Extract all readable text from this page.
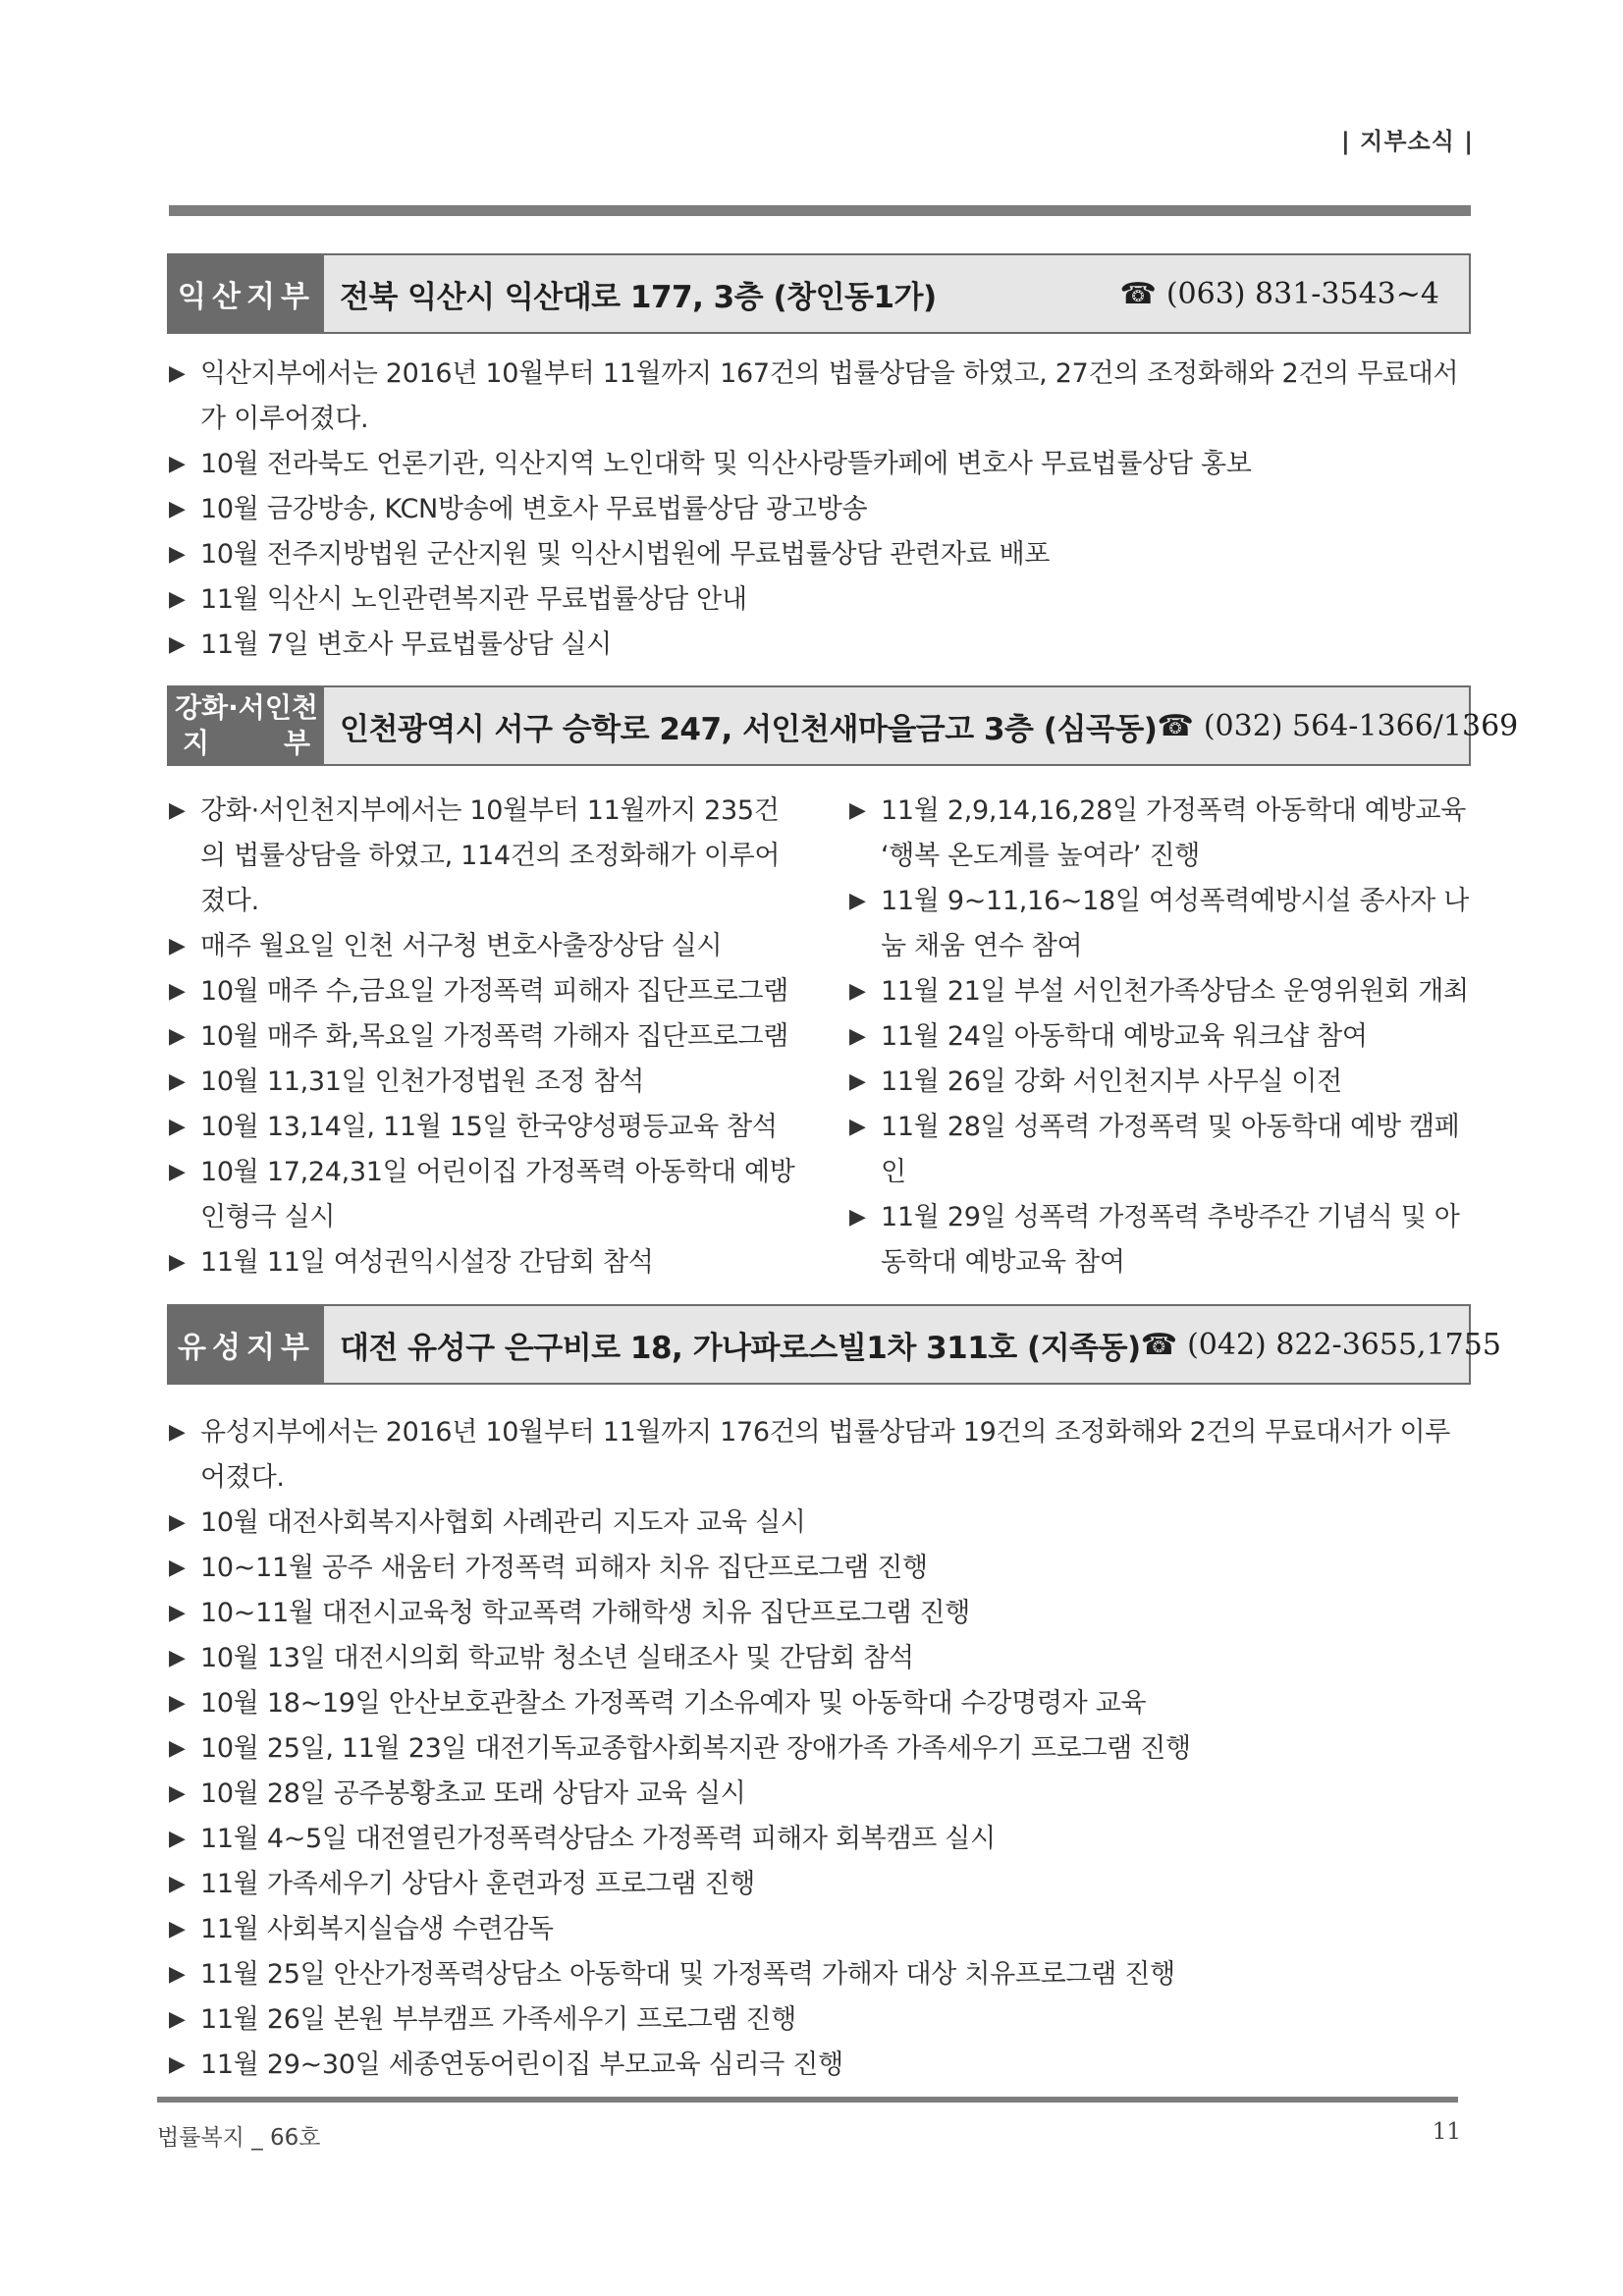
| 지부소식 |
익산지부 전북 익산시 익산대로 177, 3층 (창인동1가)	☎ (063) 831-3543~4
▶ 익산지부에서는 2016년 10월부터 11월까지 167건의 법률상담을 하였고, 27건의 조정화해와 2건의 무료대서가 이루어졌다.
▶ 10월 전라북도 언론기관, 익산지역 노인대학 및 익산사랑뜰카페에 변호사 무료법률상담 홍보
▶ 10월 금강방송, KCN방송에 변호사 무료법률상담 광고방송
▶ 10월 전주지방법원 군산지원 및 익산시법원에 무료법률상담 관련자료 배포
▶ 11월 익산시 노인관련복지관 무료법률상담 안내
▶ 11월 7일 변호사 무료법률상담 실시
강화·서인천
지	부 인천광역시 서구 승학로 247, 서인천새마을금고 3층 (심곡동) ☎ (032) 564-1366/1369
▶ 강화·서인천지부에서는 10월부터 11월까지 235건의 법률상담을 하였고, 114건의 조정화해가 이루어졌다.
▶ 매주 월요일 인천 서구청 변호사출장상담 실시
▶ 10월 매주 수,금요일 가정폭력 피해자 집단프로그램
▶ 10월 매주 화,목요일 가정폭력 가해자 집단프로그램
▶ 10월 11,31일 인천가정법원 조정 참석
▶ 10월 13,14일, 11월 15일 한국양성평등교육 참석
▶ 10월 17,24,31일 어린이집 가정폭력 아동학대 예방인형극 실시
▶ 11월 11일 여성권익시설장 간담회 참석
▶ 11월 2,9,14,16,28일 가정폭력 아동학대 예방교육 ‘행복 온도계를 높여라’ 진행
▶ 11월 9~11,16~18일 여성폭력예방시설 종사자 나눔 채움 연수 참여
▶ 11월 21일 부설 서인천가족상담소 운영위원회 개최
▶ 11월 24일 아동학대 예방교육 워크샵 참여
▶ 11월 26일 강화 서인천지부 사무실 이전
▶ 11월 28일 성폭력 가정폭력 및 아동학대 예방 캠페인
▶ 11월 29일 성폭력 가정폭력 추방주간 기념식 및 아동학대 예방교육 참여
유성지부 대전 유성구 은구비로 18, 가나파로스빌1차 311호 (지족동) ☎ (042) 822-3655,1755
▶ 유성지부에서는 2016년 10월부터 11월까지 176건의 법률상담과 19건의 조정화해와 2건의 무료대서가 이루어졌다.
▶ 10월 대전사회복지사협회 사례관리 지도자 교육 실시
▶ 10~11월 공주 새움터 가정폭력 피해자 치유 집단프로그램 진행
▶ 10~11월 대전시교육청 학교폭력 가해학생 치유 집단프로그램 진행
▶ 10월 13일 대전시의회 학교밖 청소년 실태조사 및 간담회 참석
▶ 10월 18~19일 안산보호관찰소 가정폭력 기소유예자 및 아동학대 수강명령자 교육
▶ 10월 25일, 11월 23일 대전기독교종합사회복지관 장애가족 가족세우기 프로그램 진행
▶ 10월 28일 공주봉황초교 또래 상담자 교육 실시
▶ 11월 4~5일 대전열린가정폭력상담소 가정폭력 피해자 회복캠프 실시
▶ 11월 가족세우기 상담사 훈련과정 프로그램 진행
▶ 11월 사회복지실습생 수련감독
▶ 11월 25일 안산가정폭력상담소 아동학대 및 가정폭력 가해자 대상 치유프로그램 진행
▶ 11월 26일 본원 부부캠프 가족세우기 프로그램 진행
▶ 11월 29~30일 세종연동어린이집 부모교육 심리극 진행
법률복지 _ 66호	11
